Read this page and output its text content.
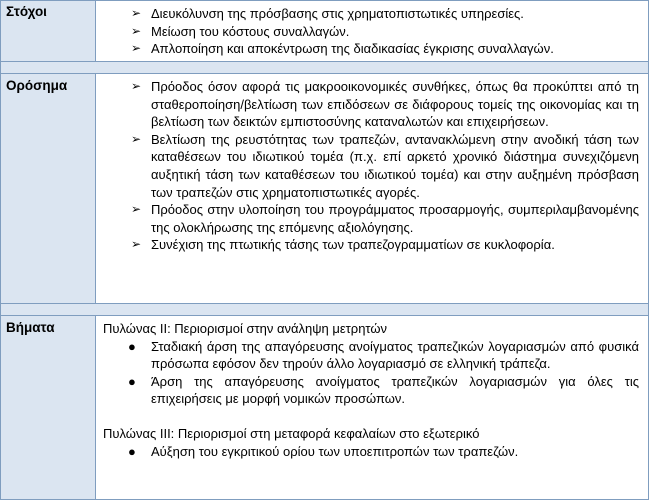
Στόχοι	➢ Διευκόλυνση της πρόσβασης στις χρηματοπιστωτικές υπηρεσίες.
➢ Μείωση του κόστους συναλλαγών.
➢ Απλοποίηση και αποκέντρωση της διαδικασίας έγκρισης συναλλαγών.
Ορόσημα	➢ Πρόοδος όσον αφορά τις μακροοικονομικές συνθήκες, όπως θα προκύπτει από τη σταθεροποίηση/βελτίωση των επιδόσεων σε διάφορους τομείς της οικονομίας και τη βελτίωση των δεικτών εμπιστοσύνης καταναλωτών και επιχειρήσεων.
➢ Βελτίωση της ρευστότητας των τραπεζών, αντανακλώμενη στην ανοδική τάση των καταθέσεων του ιδιωτικού τομέα (π.χ. επί αρκετό χρονικό διάστημα συνεχιζόμενη αυξητική τάση των καταθέσεων του ιδιωτικού τομέα) και στην αυξημένη πρόσβαση των τραπεζών στις χρηματοπιστωτικές αγορές.
➢ Πρόοδος στην υλοποίηση του προγράμματος προσαρμογής, συμπεριλαμβανομένης της ολοκλήρωσης της επόμενης αξιολόγησης.
➢ Συνέχιση της πτωτικής τάσης των τραπεζογραμματίων σε κυκλοφορία.
Βήματα	Πυλώνας ΙΙ: Περιορισμοί στην ανάληψη μετρητών
● Σταδιακή άρση της απαγόρευσης ανοίγματος τραπεζικών λογαριασμών από φυσικά πρόσωπα εφόσον δεν τηρούν άλλο λογαριασμό σε ελληνική τράπεζα.
● Άρση της απαγόρευσης ανοίγματος τραπεζικών λογαριασμών για όλες τις επιχειρήσεις με μορφή νομικών προσώπων.
Πυλώνας ΙΙΙ: Περιορισμοί στη μεταφορά κεφαλαίων στο εξωτερικό
● Αύξηση του εγκριτικού ορίου των υποεπιτροπών των τραπεζών.
